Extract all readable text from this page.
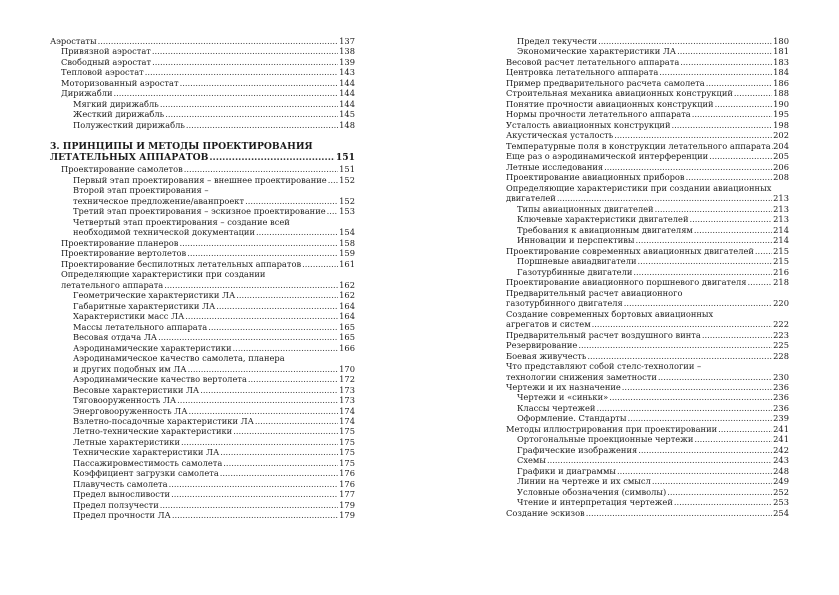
Аэростаты .....	137
Привязной аэростат .....	138
Свободный аэростат .....	139
Тепловой аэростат .....	143
Моторизованный аэростат .....	144
Дирижабли .....	144
Мягкий дирижабль .....	144
Жесткий дирижабль .....	145
Полужесткий дирижабль .....	148
3. ПРИНЦИПЫ И МЕТОДЫ ПРОЕКТИРОВАНИЯ
ЛЕТАТЕЛЬНЫХ АППАРАТОВ .....	151
Проектирование самолетов .....	151
Первый этап проектирования – внешнее проектирование ..... 152
Второй этап проектирования –
техническое предложение/аванпроект .....	152
Третий этап проектирования – эскизное проектирование ..... 153
Четвертый этап проектирования – создание всей
необходимой технической документации .....	154
Проектирование планеров .....	158
Проектирование вертолетов .....	159
Проектирование беспилотных летательных аппаратов .....	161
Определяющие характеристики при создании
летательного аппарата .....	162
Геометрические характеристики ЛА .....	162
Габаритные характеристики ЛА .....	164
Характеристики масс ЛА .....	164
Массы летательного аппарата .....	165
Весовая отдача ЛА .....	165
Аэродинамические характеристики .....	166
Аэродинамическое качество самолета, планера
и других подобных им ЛА .....	170
Аэродинамические качество вертолета .....	172
Весовые характеристики ЛА .....	173
Тяговооруженность ЛА .....	173
Энерговооруженность ЛА .....	174
Взлетно-посадочные характеристики ЛА .....	174
Летно-технические характеристики .....	175
Летные характеристики .....	175
Технические характеристики ЛА .....	175
Пассажировместимость самолета .....	175
Коэффициент загрузки самолета .....	176
Плавучесть самолета .....	176
Предел выносливости .....	177
Предел ползучести .....	179
Предел прочности ЛА .....	179
Предел текучести .....	180
Экономические характеристики ЛА .....	181
Весовой расчет летательного аппарата .....	183
Центровка летательного аппарата .....	184
Пример предварительного расчета самолета .....	186
Строительная механика авиационных конструкций .....	188
Понятие прочности авиационных конструкций .....	190
Нормы прочности летательного аппарата .....	195
Усталость авиационных конструкций .....	198
Акустическая усталость .....	202
Температурные поля в конструкции летательного аппарата ..... 204
Еще раз о аэродинамической интерференции .....	205
Летные исследования .....	206
Проектирование авиационных приборов .....	208
Определяющие характеристики при создании авиационных
двигателей .....	213
Типы авиационных двигателей .....	213
Ключевые характеристики двигателей .....	213
Требования к авиационным двигателям .....	214
Инновации и перспективы .....	214
Проектирование современных авиационных двигателей ..... 215
Поршневые авиадвигатели .....	215
Газотурбинные двигатели .....	216
Проектирование авиационного поршневого двигателя .....	218
Предварительный расчет авиационного
газотурбинного двигателя .....	220
Создание современных бортовых авиационных
агрегатов и систем .....	222
Предварительный расчет воздушного винта .....	223
Резервирование .....	225
Боевая живучесть .....	228
Что представляют собой стелс-технологии –
технологии снижения заметности .....	230
Чертежи и их назначение .....	236
Чертежи и «синьки» .....	236
Классы чертежей .....	236
Оформление. Стандарты .....	239
Методы иллюстрирования при проектировании .....	241
Ортогональные проекционные чертежи .....	241
Графические изображения .....	242
Схемы .....	243
Графики и диаграммы .....	248
Линии на чертеже и их смысл .....	249
Условные обозначения (символы) .....	252
Чтение и интерпретация чертежей .....	253
Создание эскизов .....	254
